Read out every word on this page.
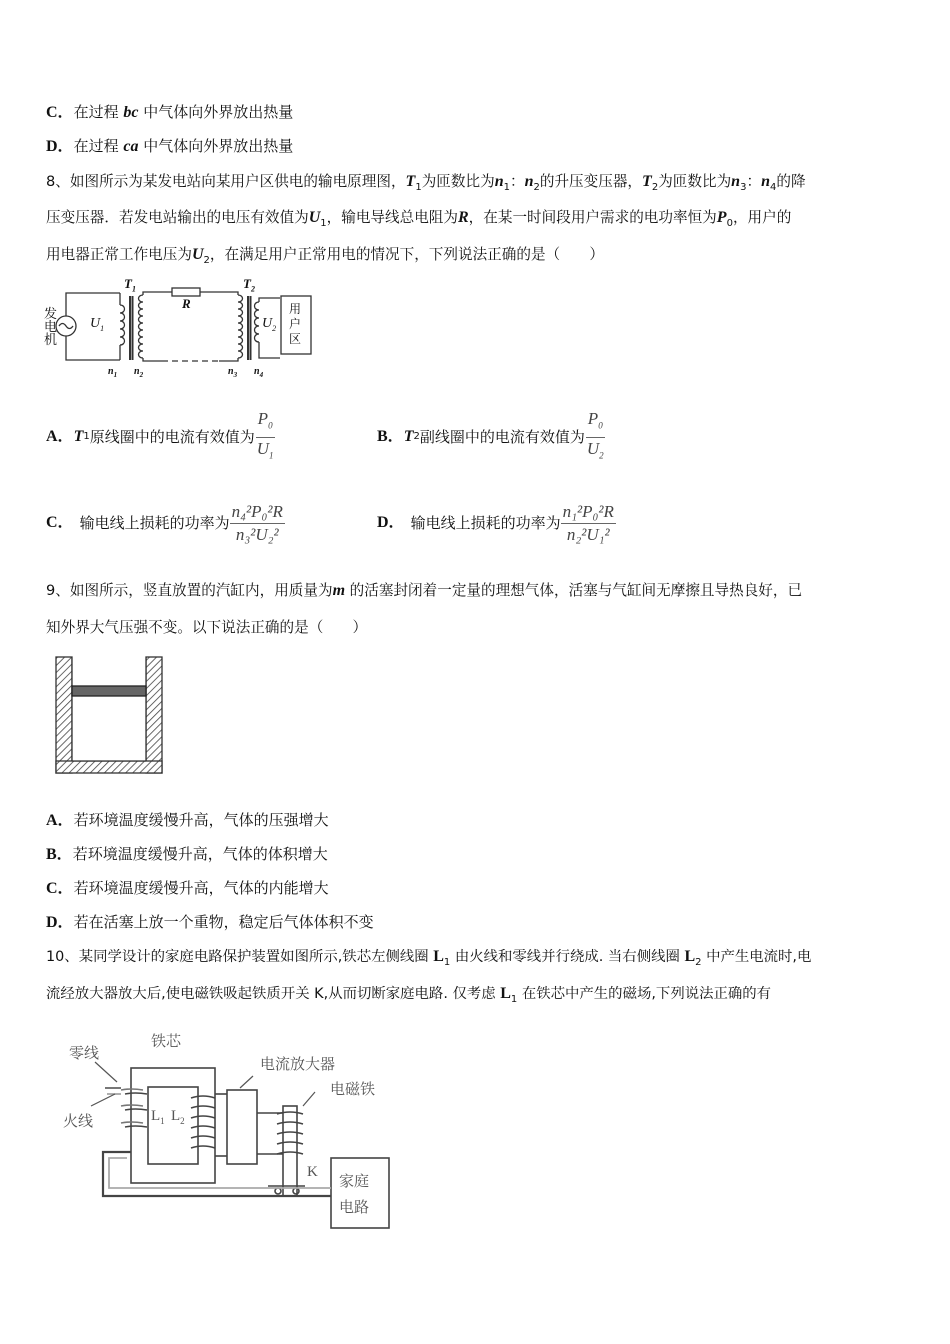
C．在过程 bc 中气体向外界放出热量
D．在过程 ca 中气体向外界放出热量
8、如图所示为某发电站向某用户区供电的输电原理图，$T_1$为匝数比为$n_1$：$n_2$的升压变压器，$T_2$为匝数比为$n_3$：$n_4$的降
压变压器．若发电站输出的电压有效值为$U_1$，输电导线总电阻为R，在某一时间段用户需求的电功率恒为$P_0$，用户的
用电器正常工作电压为$U_2$，在满足用户正常用电的情况下，下列说法正确的是（　　）
发
电
机
$U_1$
$T_1$
R
$T_2$
$U_2$
用
户
区
$n_1$ $n_2$	$n_3$ $n_4$
A． T 1 原线圈中的电流有效值为 $\frac{P_0}{U_1}$	B． T 2 副线圈中的电流有效值为 $\frac{P_0}{U_2}$
C． 输电线上损耗的功率为 $\frac{\text{n₄²P₀²R}}{\text{n₃²U₂²}}$	D． 输电线上损耗的功率为 $\frac{\text{n₁²P₀²R}}{\text{n₂²U₁²}}$
9、如图所示，竖直放置的汽缸内，用质量为m 的活塞封闭着一定量的理想气体，活塞与气缸间无摩擦且导热良好，已
知外界大气压强不变。以下说法正确的是（　　）
A．若环境温度缓慢升高，气体的压强增大
B．若环境温度缓慢升高，气体的体积增大
C．若环境温度缓慢升高，气体的内能增大
D．若在活塞上放一个重物，稳定后气体体积不变
10、某同学设计的家庭电路保护装置如图所示,铁芯左侧线圈 $L_1$ 由火线和零线并行绕成. 当右侧线圈 $L_2$ 中产生电流时,电
流经放大器放大后,使电磁铁吸起铁质开关 K,从而切断家庭电路. 仅考虑 $L_1$ 在铁芯中产生的磁场,下列说法正确的有
零线
火线
铁芯
电流放大器
电磁铁
$L_1$ $L_2$
K 家庭
电路
